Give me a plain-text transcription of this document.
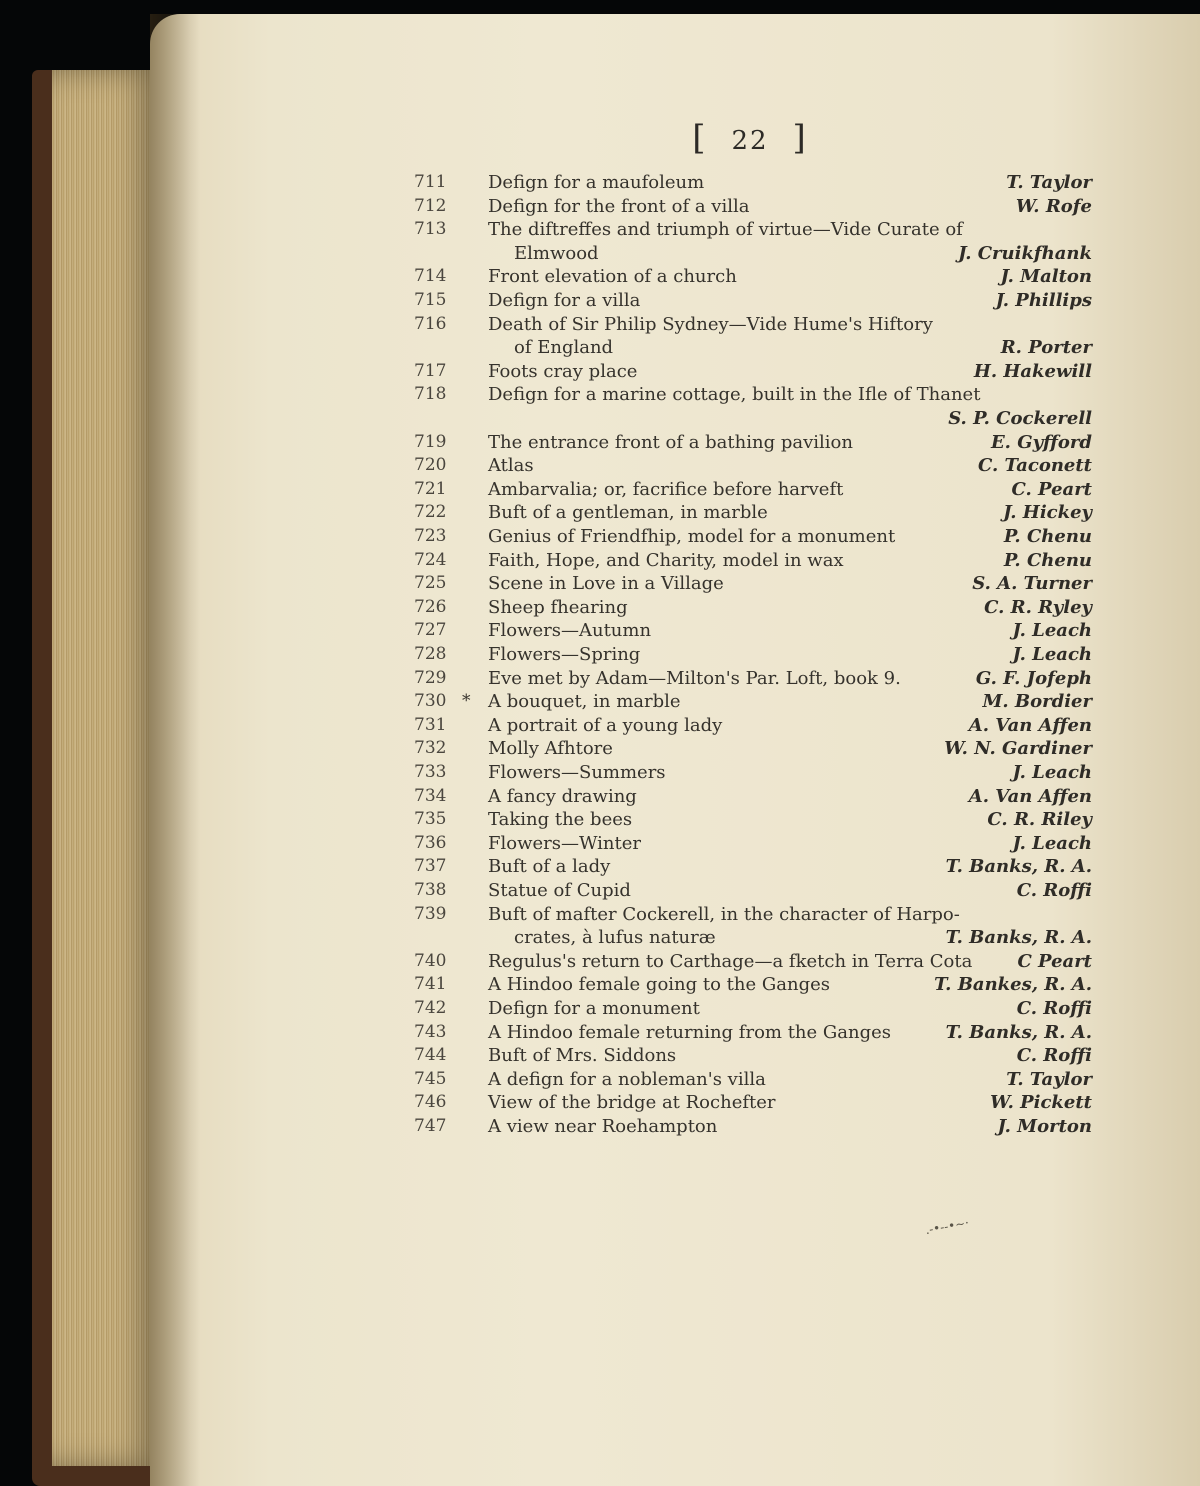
[ 22 ]
711	Defign for a maufoleum	T. Taylor
712	Defign for the front of a villa	W. Rofe
713	The diftreffes and triumph of virtue—Vide Curate of
Elmwood	J. Cruikfhank
714	Front elevation of a church	J. Malton
715	Defign for a villa	J. Phillips
716	Death of Sir Philip Sydney—Vide Hume's Hiftory
of England	R. Porter
717	Foots cray place	H. Hakewill
718	Defign for a marine cottage, built in the Ifle of Thanet
S. P. Cockerell
719	The entrance front of a bathing pavilion	E. Gyfford
720	Atlas	C. Taconett
721	Ambarvalia; or, facrifice before harveft	C. Peart
722	Buft of a gentleman, in marble	J. Hickey
723	Genius of Friendfhip, model for a monument	P. Chenu
724	Faith, Hope, and Charity, model in wax	P. Chenu
725	Scene in Love in a Village	S. A. Turner
726	Sheep fhearing	C. R. Ryley
727	Flowers—Autumn	J. Leach
728	Flowers—Spring	J. Leach
729	Eve met by Adam—Milton's Par. Loft, book 9.	G. F. Jofeph
730 * A bouquet, in marble	M. Bordier
731	A portrait of a young lady	A. Van Affen
732	Molly Afhtore	W. N. Gardiner
733	Flowers—Summers	J. Leach
734	A fancy drawing	A. Van Affen
735	Taking the bees	C. R. Riley
736	Flowers—Winter	J. Leach
737	Buft of a lady	T. Banks, R. A.
738	Statue of Cupid	C. Roffi
739	Buft of mafter Cockerell, in the character of Harpo-
crates, à lufus naturæ	T. Banks, R. A.
740	Regulus's return to Carthage—a fketch in Terra Cota	C Peart
741	A Hindoo female going to the Ganges	T. Bankes, R. A.
742	Defign for a monument	C. Roffi
743	A Hindoo female returning from the Ganges	T. Banks, R. A.
744	Buft of Mrs. Siddons	C. Roffi
745	A defign for a nobleman's villa	T. Taylor
746	View of the bridge at Rochefter	W. Pickett
747	A view near Roehampton	J. Morton
.-•--•~·
